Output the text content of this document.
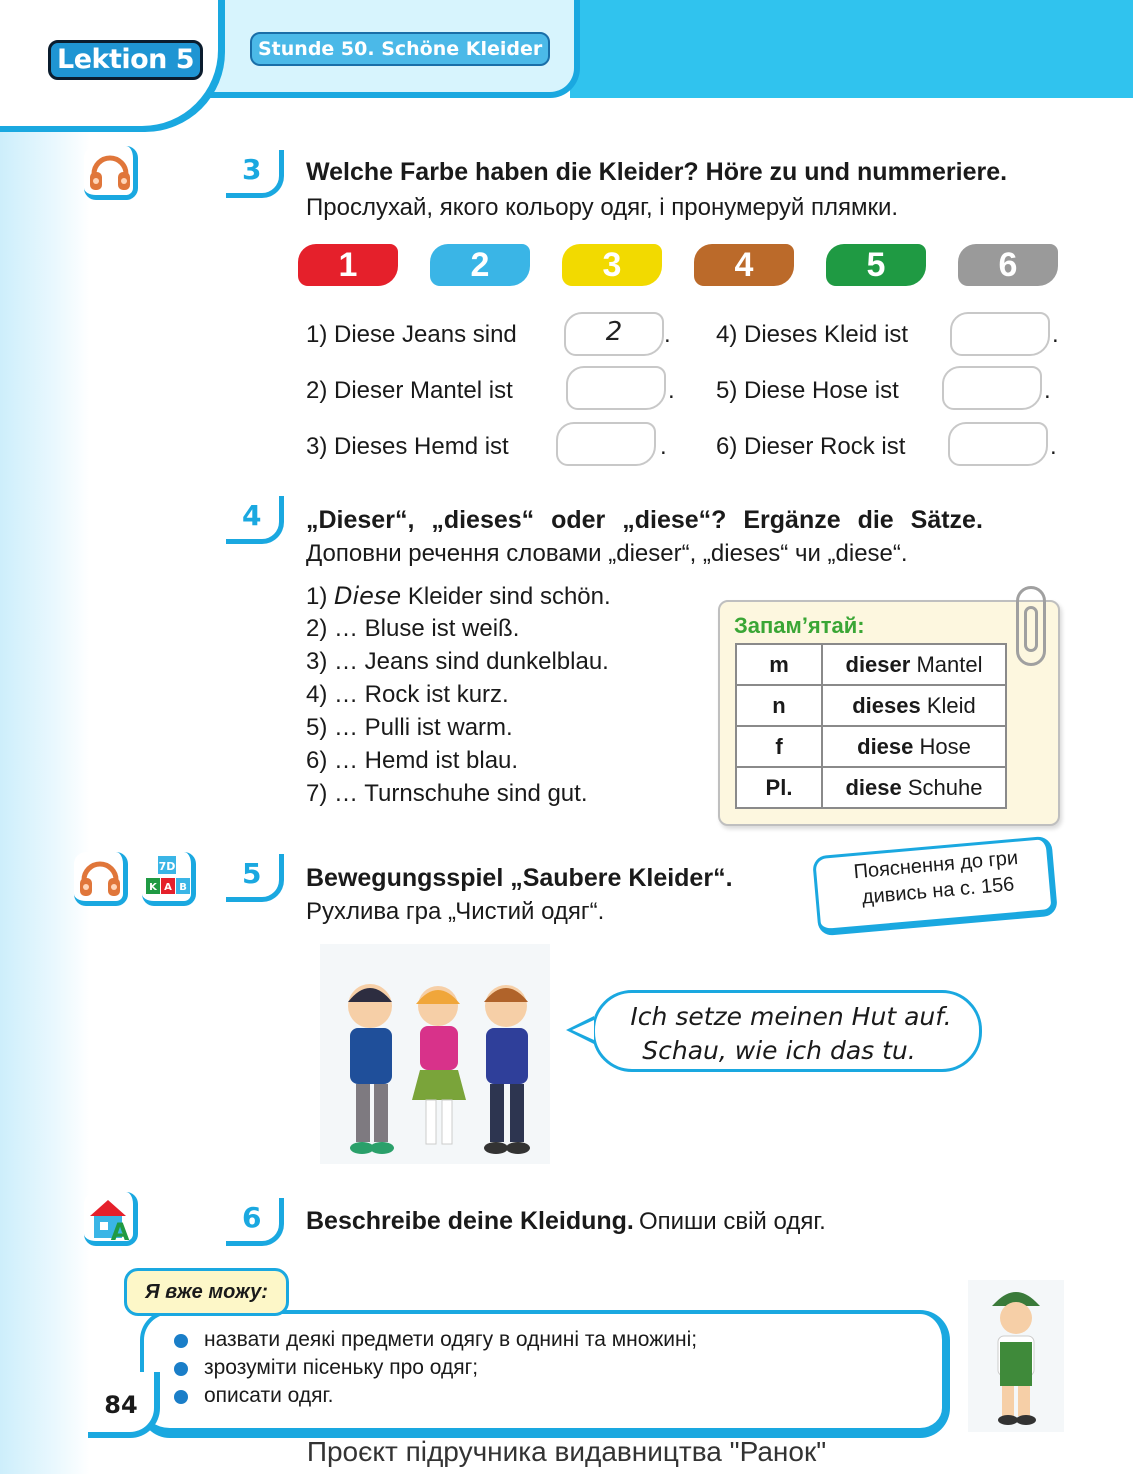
Lektion 5	Stunde 50. Schöne Kleider
3	Welche Farbe haben die Kleider? Höre zu und nummeriere.
Прослухай, якого кольору одяг, і пронумеруй плямки.
1	2	3	4	5	6
1) Diese Jeans sind	2	.
2) Dieser Mantel ist	.
3) Dieses Hemd ist	.
4) Dieses Kleid ist	.
5) Diese Hose ist	.
6) Dieser Rock ist	.
4	„Dieser“, „dieses“ oder „diese“? Ergänze die Sätze.
Доповни речення словами „dieser“, „dieses“ чи „diese“.
1) Diese Kleider sind schön.
2) … Bluse ist weiß.
3) … Jeans sind dunkelblau.
4) … Rock ist kurz.
5) … Pulli ist warm.
6) … Hemd ist blau.
7) … Turnschuhe sind gut.
Запам’ятай:
m	dieser Mantel
n	dieses Kleid
f	diese Hose
Pl.	diese Schuhe
7D
K A B	5	Bewegungsspiel „Saubere Kleider“.
Рухлива гра „Чистий одяг“.
Пояснення до гри
дивись на с. 156
Ich setze meinen Hut auf.
Schau, wie ich das tu.
A	6	Beschreibe deine Kleidung. Опиши свій одяг.
Я вже можу:
назвати деякі предмети одягу в однині та множині;
зрозуміти пісеньку про одяг;
описати одяг.
84
Проєкт підручника видавництва "Ранок"
